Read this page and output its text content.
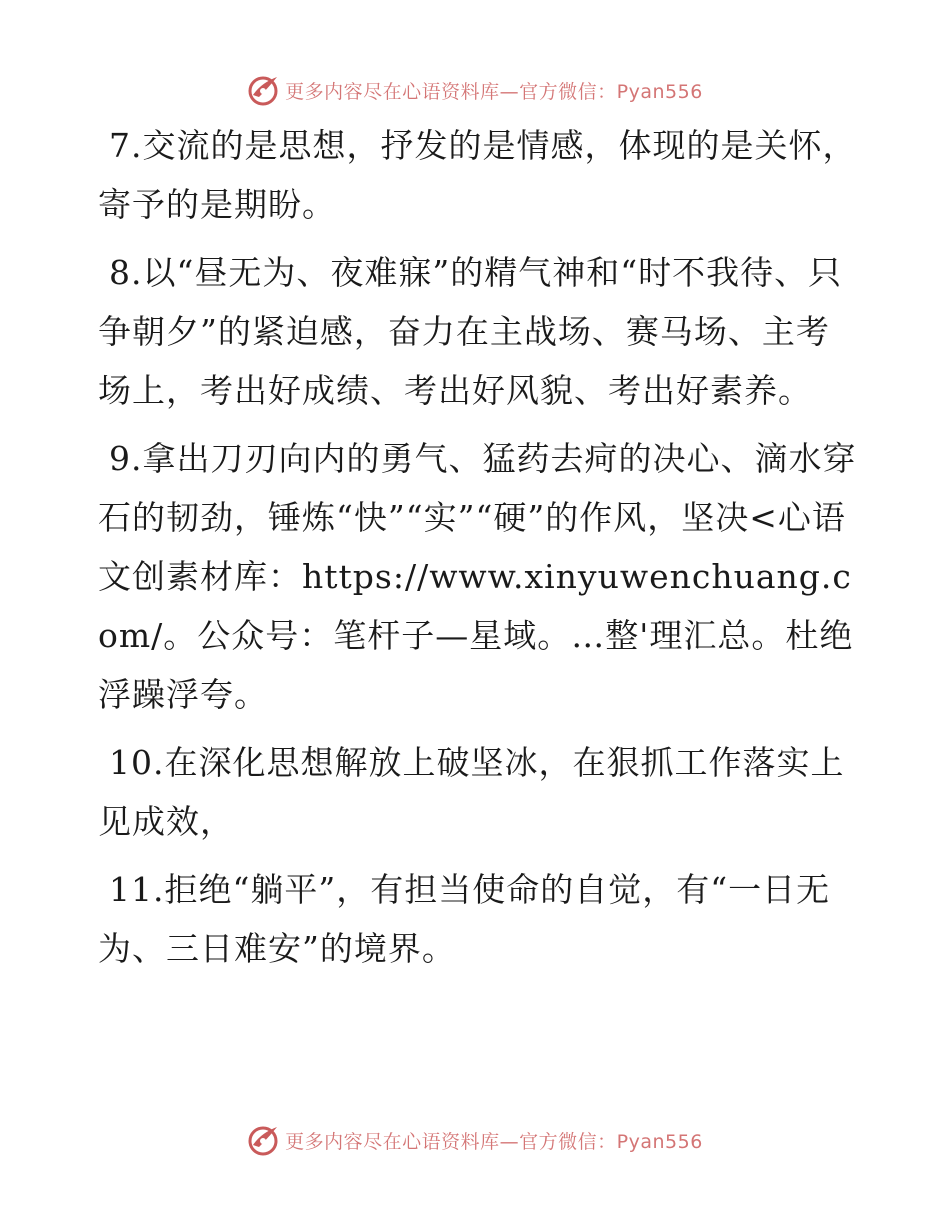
更多内容尽在心语资料库—官方微信：Pyan556

7.交流的是思想，抒发的是情感，体现的是关怀，寄予的是期盼。

8.以“昼无为、夜难寐”的精气神和“时不我待、只争朝夕”的紧迫感，奋力在主战场、赛马场、主考场上，考出好成绩、考出好风貌、考出好素养。

9.拿出刀刃向内的勇气、猛药去疴的决心、滴水穿石的韧劲，锤炼“快”“实”“硬”的作风，坚决<心语文创素材库：https://www.xinyuwenchuang.com/。公众号：笔杆子—星域。…整'理汇总。杜绝浮躁浮夸。

10.在深化思想解放上破坚冰，在狠抓工作落实上见成效，

11.拒绝“躺平”，有担当使命的自觉，有“一日无为、三日难安”的境界。

更多内容尽在心语资料库—官方微信：Pyan556
